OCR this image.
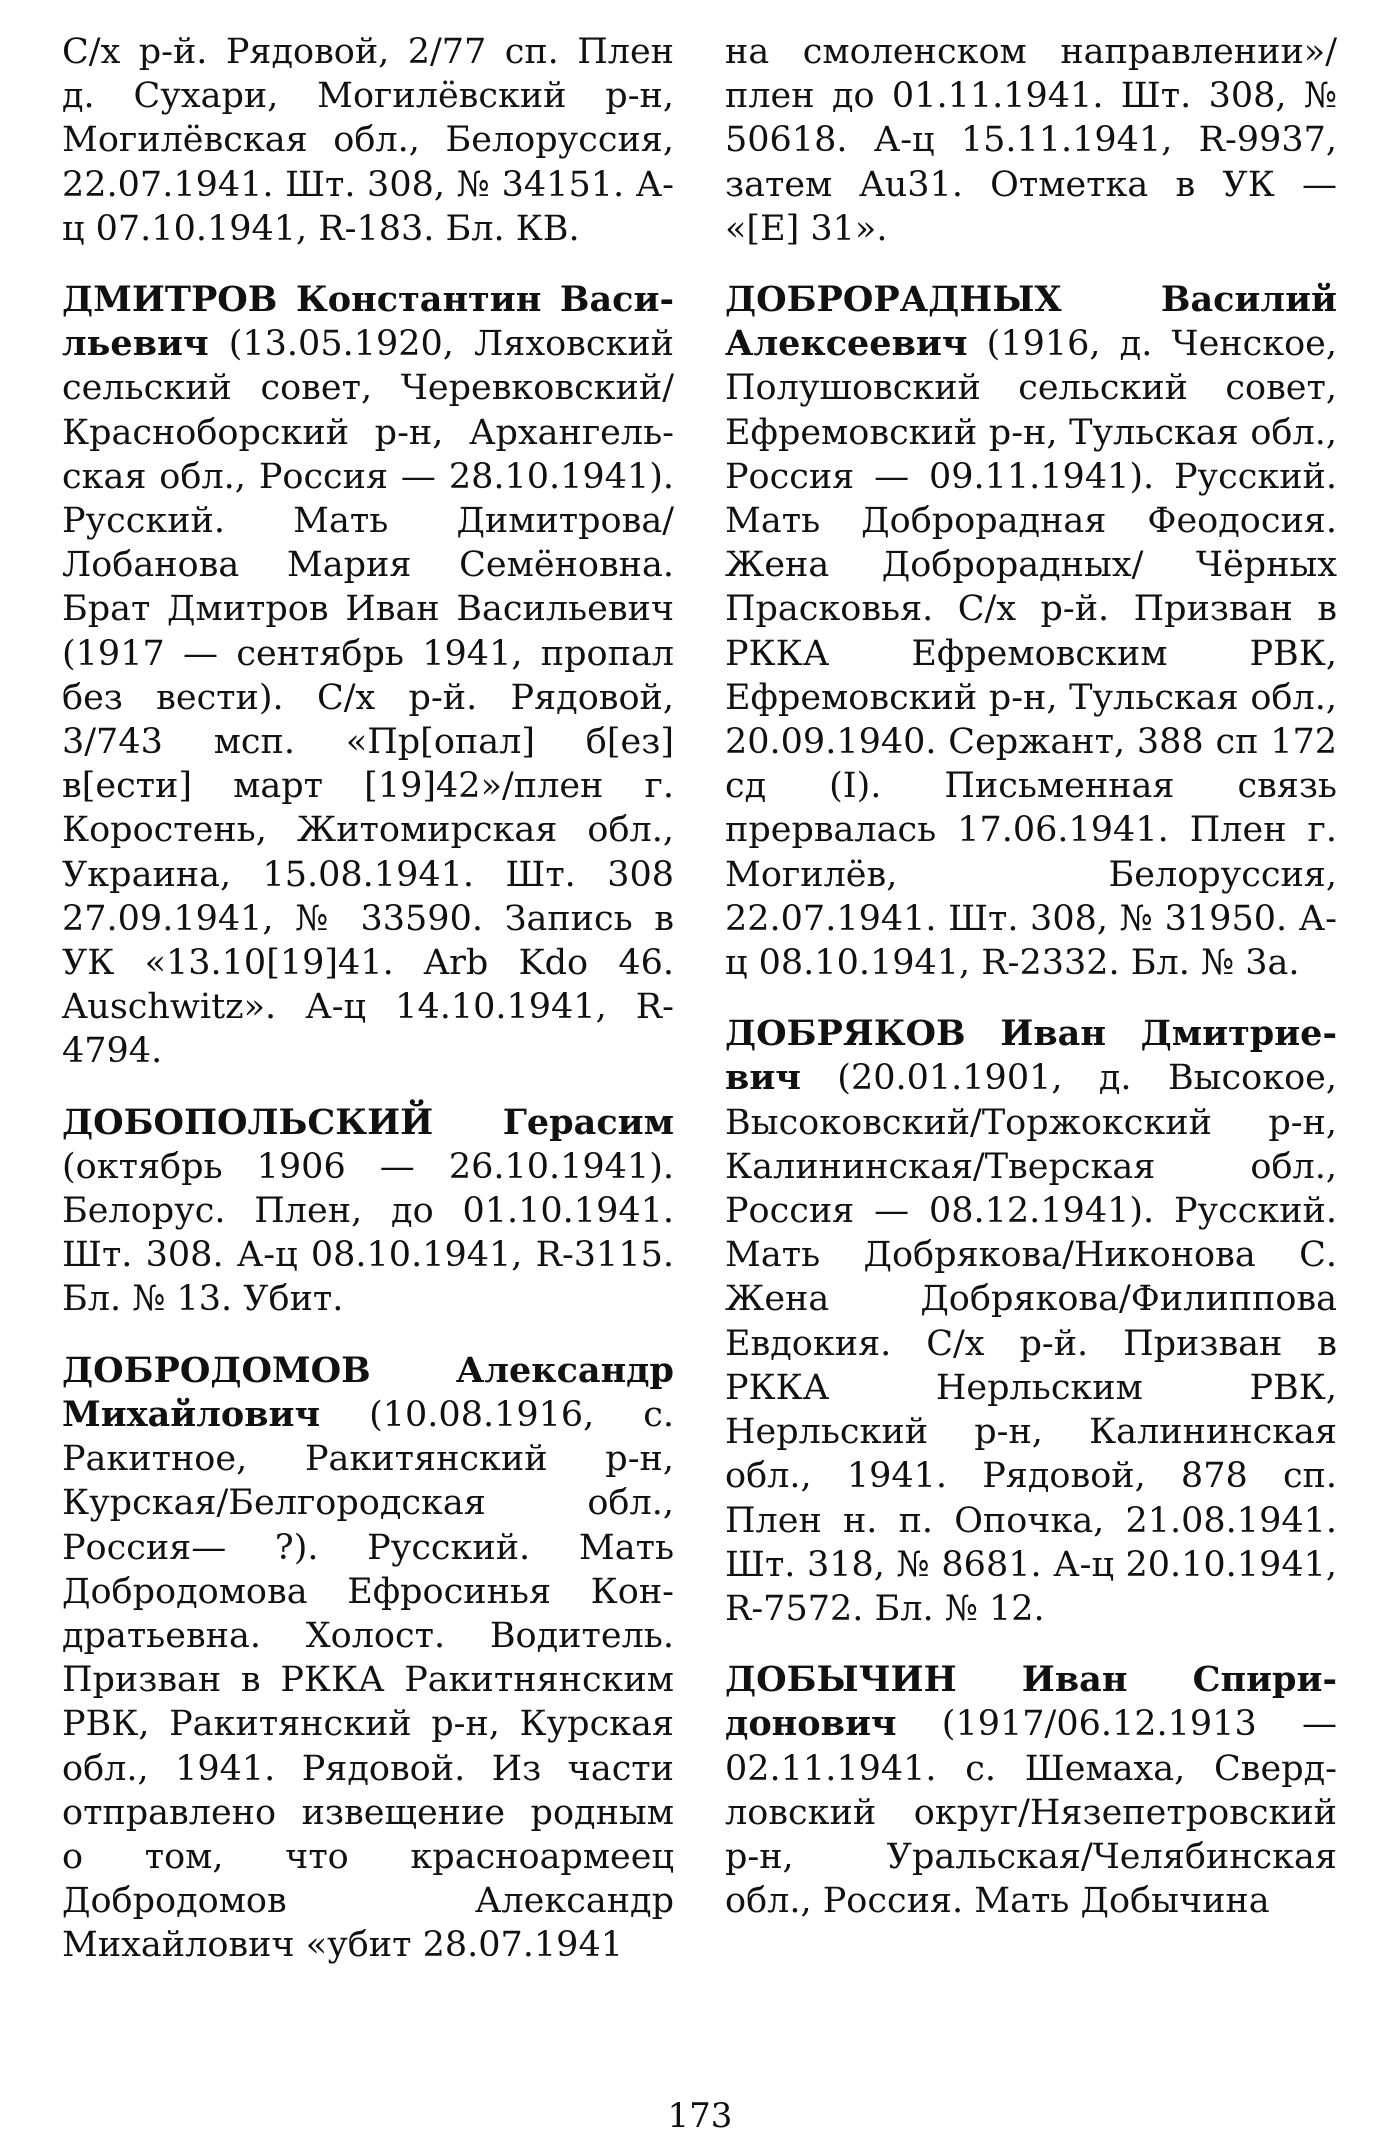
С/х р-й. Рядовой, 2/77 сп. Плен д. Сухари, Могилёвский р-н, Могилёвская обл., Белоруссия, 22.07.1941. Шт. 308, № 34151. А-ц 07.10.1941, R-183. Бл. КВ.

ДМИТРОВ Константин Васильевич (13.05.1920, Ляховский сельский совет, Черевковский/ Красноборский р-н, Архангельская обл., Россия — 28.10.1941). Русский. Мать Димитрова/ Лобанова Мария Семёновна. Брат Дмитров Иван Васильевич (1917 — сентябрь 1941, пропал без вести). С/х р-й. Рядовой, 3/743 мсп. «Пр[опал] б[ез] в[ести] март [19]42»/плен г. Коростень, Житомирская обл., Украина, 15.08.1941. Шт. 308 27.09.1941, № 33590. Запись в УК «13.10[19]41. Arb Kdo 46. Auschwitz». А-ц 14.10.1941, R-4794.

ДОБОПОЛЬСКИЙ Герасим (октябрь 1906 — 26.10.1941). Белорус. Плен, до 01.10.1941. Шт. 308. А-ц 08.10.1941, R-3115. Бл. № 13. Убит.

ДОБРОДОМОВ Александр Михайлович (10.08.1916, с. Ракитное, Ракитянский р-н, Курская/Белгородская обл., Россия— ?). Русский. Мать Добродомова Ефросинья Кондратьевна. Холост. Водитель. Призван в РККА Ракитнянским РВК, Ракитянский р-н, Курская обл., 1941. Рядовой. Из части отправлено извещение родным о том, что красноармеец Добродомов Александр Михайлович «убит 28.07.1941

на смоленском направлении»/ плен до 01.11.1941. Шт. 308, № 50618. А-ц 15.11.1941, R-9937, затем Au31. Отметка в УК — «[E] 31».

ДОБРОРАДНЫХ Василий Алексеевич (1916, д. Ченское, Полушовский сельский совет, Ефремовский р-н, Тульская обл., Россия — 09.11.1941). Русский. Мать Доброрадная Феодосия. Жена Доброрадных/ Чёрных Прасковья. С/х р-й. Призван в РККА Ефремовским РВК, Ефремовский р-н, Тульская обл., 20.09.1940. Сержант, 388 сп 172 сд (I). Письменная связь прервалась 17.06.1941. Плен г. Могилёв, Белоруссия, 22.07.1941. Шт. 308, № 31950. А-ц 08.10.1941, R-2332. Бл. № 3а.

ДОБРЯКОВ Иван Дмитриевич (20.01.1901, д. Высокое, Высоковский/Торжокский р-н, Калининская/Тверская обл., Россия — 08.12.1941). Русский. Мать Добрякова/Никонова С. Жена Добрякова/Филиппова Евдокия. С/х р-й. Призван в РККА Нерльским РВК, Нерльский р-н, Калининская обл., 1941. Рядовой, 878 сп. Плен н. п. Опочка, 21.08.1941. Шт. 318, № 8681. А-ц 20.10.1941, R-7572. Бл. № 12.

ДОБЫЧИН Иван Спиридонович (1917/06.12.1913 — 02.11.1941. с. Шемаха, Свердловский округ/Нязепетровский р-н, Уральская/Челябинская обл., Россия. Мать Добычина

173
